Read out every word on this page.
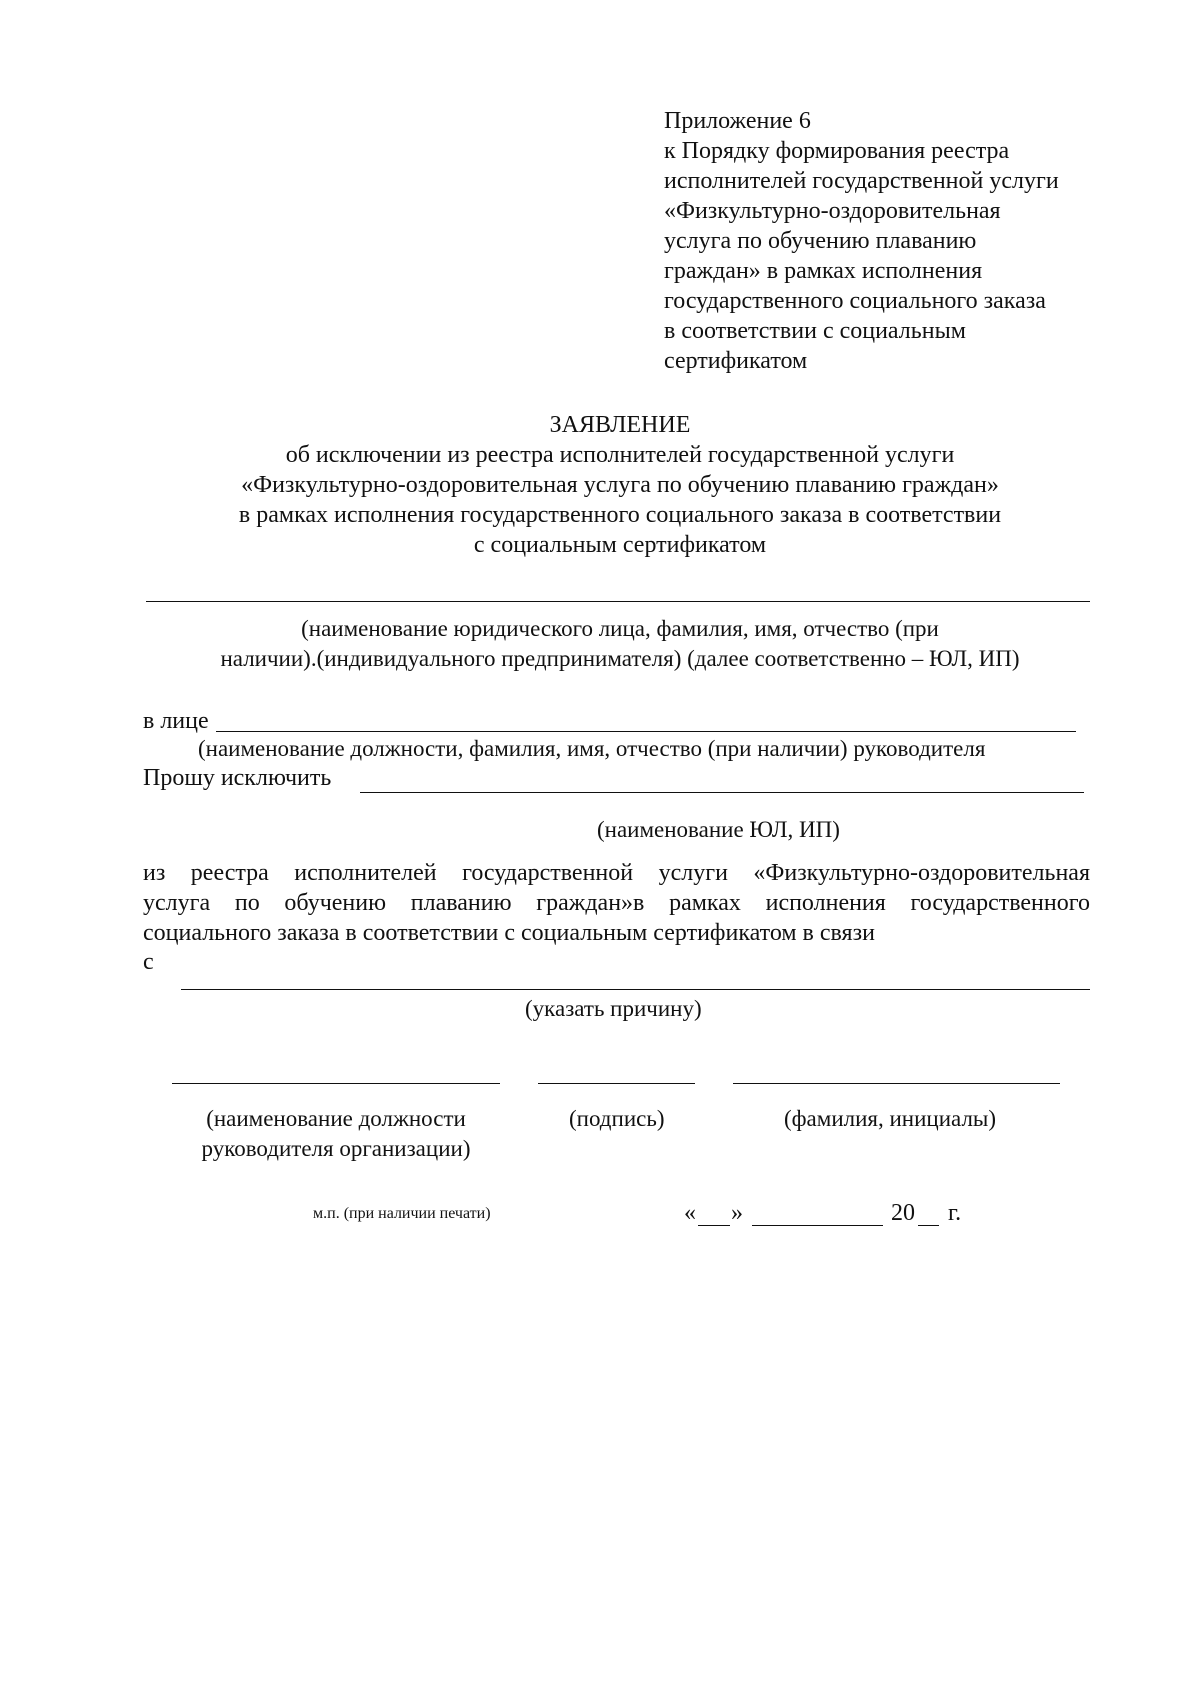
Приложение 6
к Порядку формирования реестра
исполнителей государственной услуги
«Физкультурно-оздоровительная
услуга по обучению плаванию
граждан» в рамках исполнения
государственного социального заказа
в соответствии с социальным
сертификатом
ЗАЯВЛЕНИЕ
об исключении из реестра исполнителей государственной услуги
«Физкультурно-оздоровительная услуга по обучению плаванию граждан»
в рамках исполнения государственного социального заказа в соответствии
с социальным сертификатом
(наименование юридического лица, фамилия, имя, отчество (при
наличии).(индивидуального предпринимателя) (далее соответственно – ЮЛ, ИП)
в лице
(наименование должности, фамилия, имя, отчество (при наличии) руководителя
Прошу исключить
(наименование ЮЛ, ИП)
из реестра исполнителей государственной услуги «Физкультурно-оздоровительная
услуга по обучению плаванию граждан»в рамках исполнения государственного
социального заказа в соответствии с социальным сертификатом в связи
с
(указать причину)
(наименование должности
руководителя организации)
(подпись)	(фамилия, инициалы)
м.п. (при наличии печати)	« »	20 г.
